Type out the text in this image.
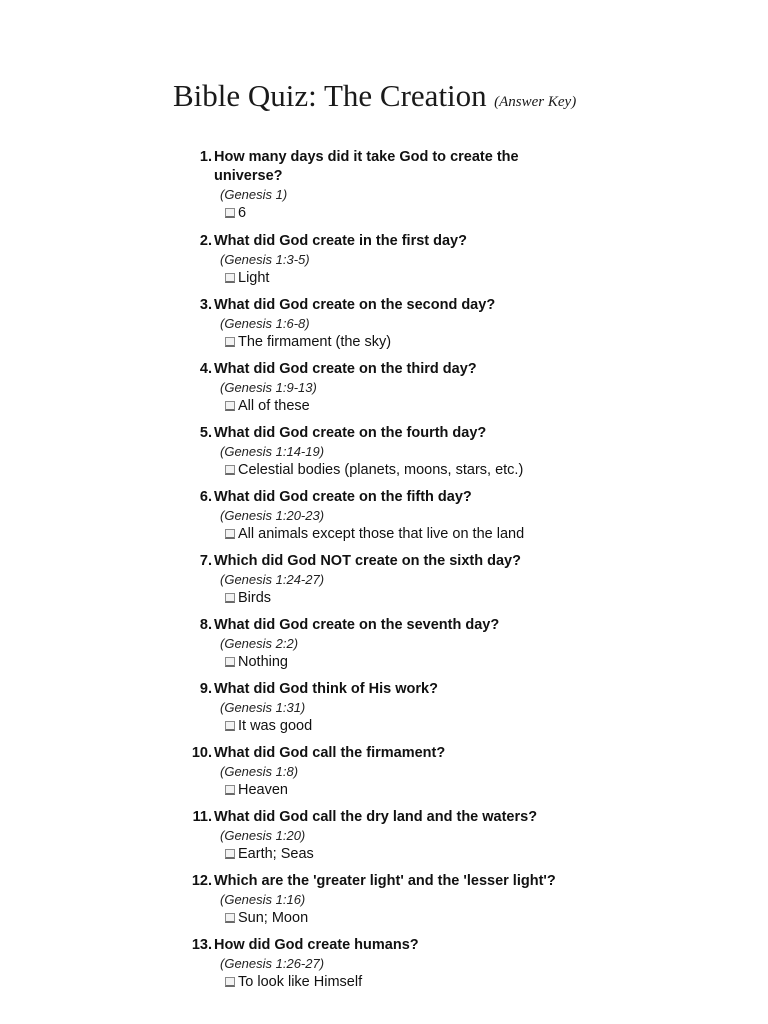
Bible Quiz: The Creation (Answer Key)
1. How many days did it take God to create the universe?
(Genesis 1)
6
2. What did God create in the first day?
(Genesis 1:3-5)
Light
3. What did God create on the second day?
(Genesis 1:6-8)
The firmament (the sky)
4. What did God create on the third day?
(Genesis 1:9-13)
All of these
5. What did God create on the fourth day?
(Genesis 1:14-19)
Celestial bodies (planets, moons, stars, etc.)
6. What did God create on the fifth day?
(Genesis 1:20-23)
All animals except those that live on the land
7. Which did God NOT create on the sixth day?
(Genesis 1:24-27)
Birds
8. What did God create on the seventh day?
(Genesis 2:2)
Nothing
9. What did God think of His work?
(Genesis 1:31)
It was good
10. What did God call the firmament?
(Genesis 1:8)
Heaven
11. What did God call the dry land and the waters?
(Genesis 1:20)
Earth; Seas
12. Which are the 'greater light' and the 'lesser light'?
(Genesis 1:16)
Sun; Moon
13. How did God create humans?
(Genesis 1:26-27)
To look like Himself
